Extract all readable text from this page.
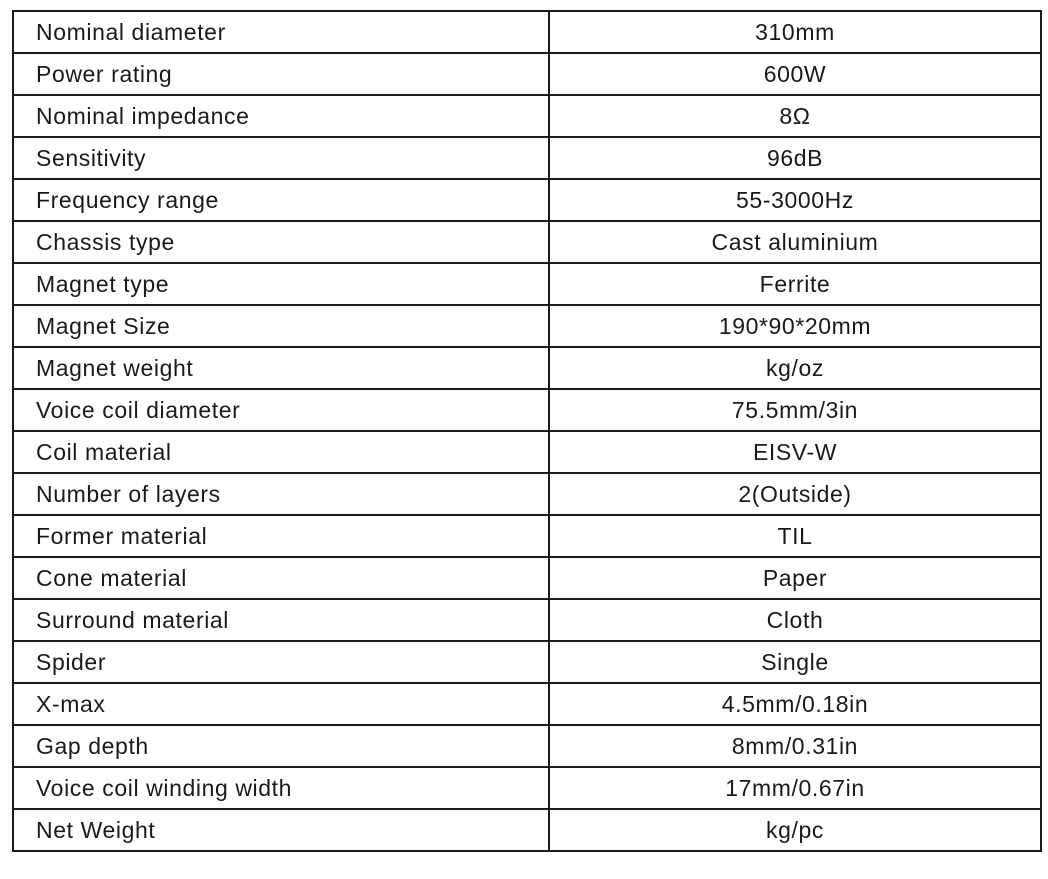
Nominal diameter	310mm
Power rating	600W
Nominal impedance	8Ω
Sensitivity	96dB
Frequency range	55-3000Hz
Chassis type	Cast aluminium
Magnet type	Ferrite
Magnet Size	190*90*20mm
Magnet weight	kg/oz
Voice coil diameter	75.5mm/3in
Coil material	EISV-W
Number of layers	2(Outside)
Former material	TIL
Cone material	Paper
Surround material	Cloth
Spider	Single
X-max	4.5mm/0.18in
Gap depth	8mm/0.31in
Voice coil winding width	17mm/0.67in
Net Weight	kg/pc
